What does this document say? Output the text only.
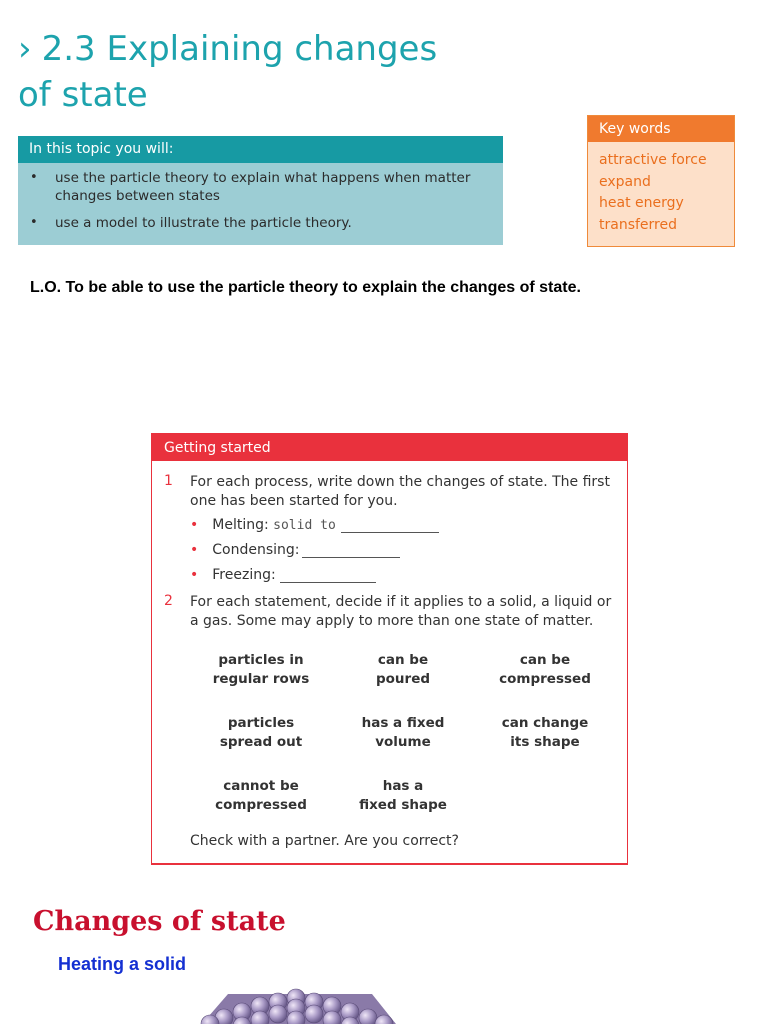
› 2.3 Explaining changes
of state
In this topic you will:
• use the particle theory to explain what happens when matter changes between states
• use a model to illustrate the particle theory.
Key words
attractive force
expand
heat energy
transferred
L.O. To be able to use the particle theory to explain the changes of state.
Getting started
1 For each process, write down the changes of state. The first one has been started for you.
• Melting: solid to
• Condensing:
• Freezing:
2 For each statement, decide if it applies to a solid, a liquid or a gas. Some may apply to more than one state of matter.
particles in
regular rows
can be
poured
can be
compressed
particles
spread out
has a fixed
volume
can change
its shape
cannot be
compressed
has a
fixed shape
Check with a partner. Are you correct?
Changes of state
Heating a solid
